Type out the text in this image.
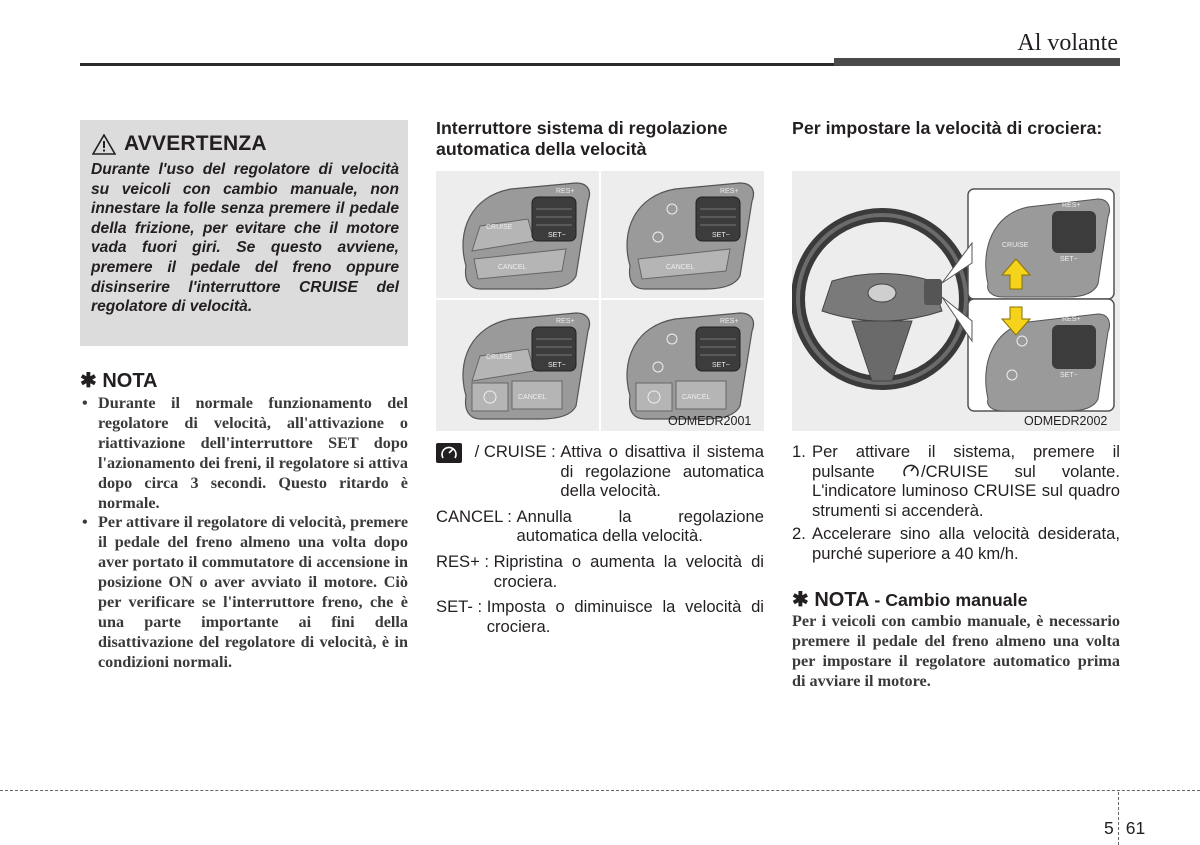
Al volante
AVVERTENZA
Durante l'uso del regolatore di velocità su veicoli con cambio manuale, non innestare la folle senza premere il pedale della frizione, per evitare che il motore vada fuori giri. Se questo avviene, premere il pedale del freno oppure disinserire l'interruttore CRUISE del regolatore di velocità.
✱ NOTA
• Durante il normale funzionamento del regolatore di velocità, all'attivazione o riattivazione dell'interruttore SET dopo l'azionamento dei freni, il regolatore si attiva dopo circa 3 secondi. Questo ritardo è normale.
• Per attivare il regolatore di velocità, premere il pedale del freno almeno una volta dopo aver portato il commutatore di accensione in posizione ON o aver avviato il motore. Ciò per verificare se l'interruttore freno, che è una parte importante ai fini della disattivazione del regolatore di velocità, è in condizioni normali.
Interruttore sistema di regolazione automatica della velocità
CRUISE
CANCEL
RES+
SET−
CANCEL
RES+
SET−
CRUISE
CANCEL
RES+
SET−
CANCEL
RES+
SET−
ODMEDR2001
/ CRUISE : Attiva o disattiva il sistema di regolazione automatica della velocità.
CANCEL : Annulla la regolazione automatica della velocità.
RES+ : Ripristina o aumenta la velocità di crociera.
SET- : Imposta o diminuisce la velocità di crociera.
Per impostare la velocità di crociera:
CRUISE
RES+
SET−
RES+
SET−
ODMEDR2002
1. Per attivare il sistema, premere il pulsante /CRUISE sul volante. L'indicatore luminoso CRUISE sul quadro strumenti si accenderà.
2. Accelerare sino alla velocità desiderata, purché superiore a 40 km/h.
✱ NOTA - Cambio manuale
Per i veicoli con cambio manuale, è necessario premere il pedale del freno almeno una volta per impostare il regolatore automatico prima di avviare il motore.
5 61
